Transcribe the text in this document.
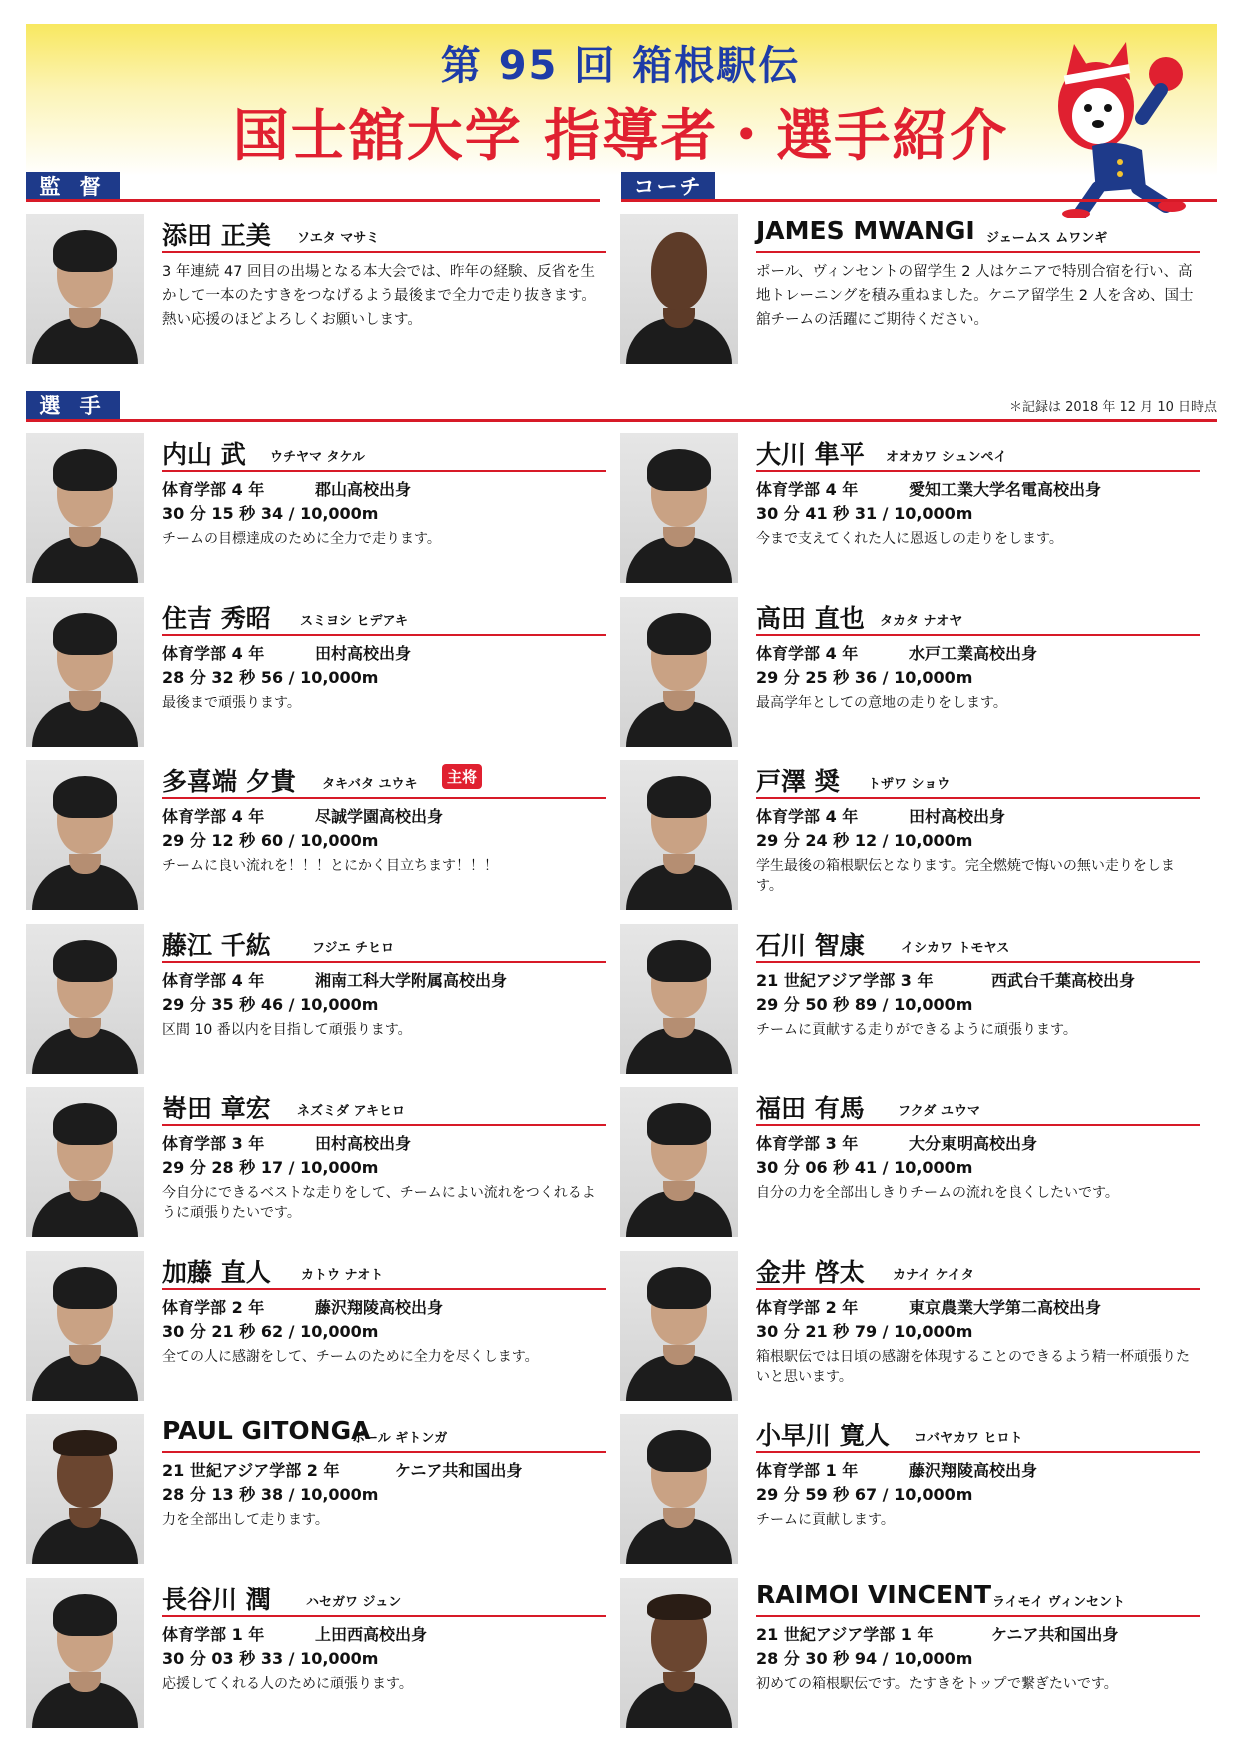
第 95 回 箱根駅伝
国士舘大学 指導者・選手紹介
監 督	コーチ
添田 正美 ソエタ マサミ
3 年連続 47 回目の出場となる本大会では、昨年の経験、反省を生かして一本のたすきをつなげるよう最後まで全力で走り抜きます。熱い応援のほどよろしくお願いします。
JAMES MWANGI ジェームス ムワンギ
ポール、ヴィンセントの留学生 2 人はケニアで特別合宿を行い、高地トレーニングを積み重ねました。ケニア留学生 2 人を含め、国士舘チームの活躍にご期待ください。
選 手	＊記録は 2018 年 12 月 10 日時点
内山 武 ウチヤマ タケル
体育学部 4 年	郡山高校出身
30 分 15 秒 34 / 10,000m
チームの目標達成のために全力で走ります。
大川 隼平 オオカワ シュンペイ
体育学部 4 年	愛知工業大学名電高校出身
30 分 41 秒 31 / 10,000m
今まで支えてくれた人に恩返しの走りをします。
住吉 秀昭 スミヨシ ヒデアキ
体育学部 4 年	田村高校出身
28 分 32 秒 56 / 10,000m
最後まで頑張ります。
高田 直也 タカタ ナオヤ
体育学部 4 年	水戸工業高校出身
29 分 25 秒 36 / 10,000m
最高学年としての意地の走りをします。
多喜端 夕貴 タキバタ ユウキ	主将
体育学部 4 年	尽誠学園高校出身
29 分 12 秒 60 / 10,000m
チームに良い流れを！！！とにかく目立ちます！！！
戸澤 奨 トザワ ショウ
体育学部 4 年	田村高校出身
29 分 24 秒 12 / 10,000m
学生最後の箱根駅伝となります。完全燃焼で悔いの無い走りをします。
藤江 千紘	フジエ チヒロ
体育学部 4 年	湘南工科大学附属高校出身
29 分 35 秒 46 / 10,000m
区間 10 番以内を目指して頑張ります。
石川 智康	イシカワ トモヤス
21 世紀アジア学部 3 年	西武台千葉高校出身
29 分 50 秒 89 / 10,000m
チームに貢献する走りができるように頑張ります。
㟢田 章宏 ネズミダ アキヒロ
体育学部 3 年	田村高校出身
29 分 28 秒 17 / 10,000m
今自分にできるベストな走りをして、チームによい流れをつくれるように頑張りたいです。
福田 有馬	フクダ ユウマ
体育学部 3 年	大分東明高校出身
30 分 06 秒 41 / 10,000m
自分の力を全部出しきりチームの流れを良くしたいです。
加藤 直人 カトウ ナオト
体育学部 2 年	藤沢翔陵高校出身
30 分 21 秒 62 / 10,000m
全ての人に感謝をして、チームのために全力を尽くします。
金井 啓太 カナイ ケイタ
体育学部 2 年	東京農業大学第二高校出身
30 分 21 秒 79 / 10,000m
箱根駅伝では日頃の感謝を体現することのできるよう精一杯頑張りたいと思います。
PAUL GITONGA
ポール ギトンガ
21 世紀アジア学部 2 年	ケニア共和国出身
28 分 13 秒 38 / 10,000m
力を全部出して走ります。
小早川 寛人 コバヤカワ ヒロト
体育学部 1 年	藤沢翔陵高校出身
29 分 59 秒 67 / 10,000m
チームに貢献します。
長谷川 潤	ハセガワ ジュン
体育学部 1 年	上田西高校出身
30 分 03 秒 33 / 10,000m
応援してくれる人のために頑張ります。
RAIMOI VINCENT ライモイ ヴィンセント
21 世紀アジア学部 1 年	ケニア共和国出身
28 分 30 秒 94 / 10,000m
初めての箱根駅伝です。たすきをトップで繋ぎたいです。
